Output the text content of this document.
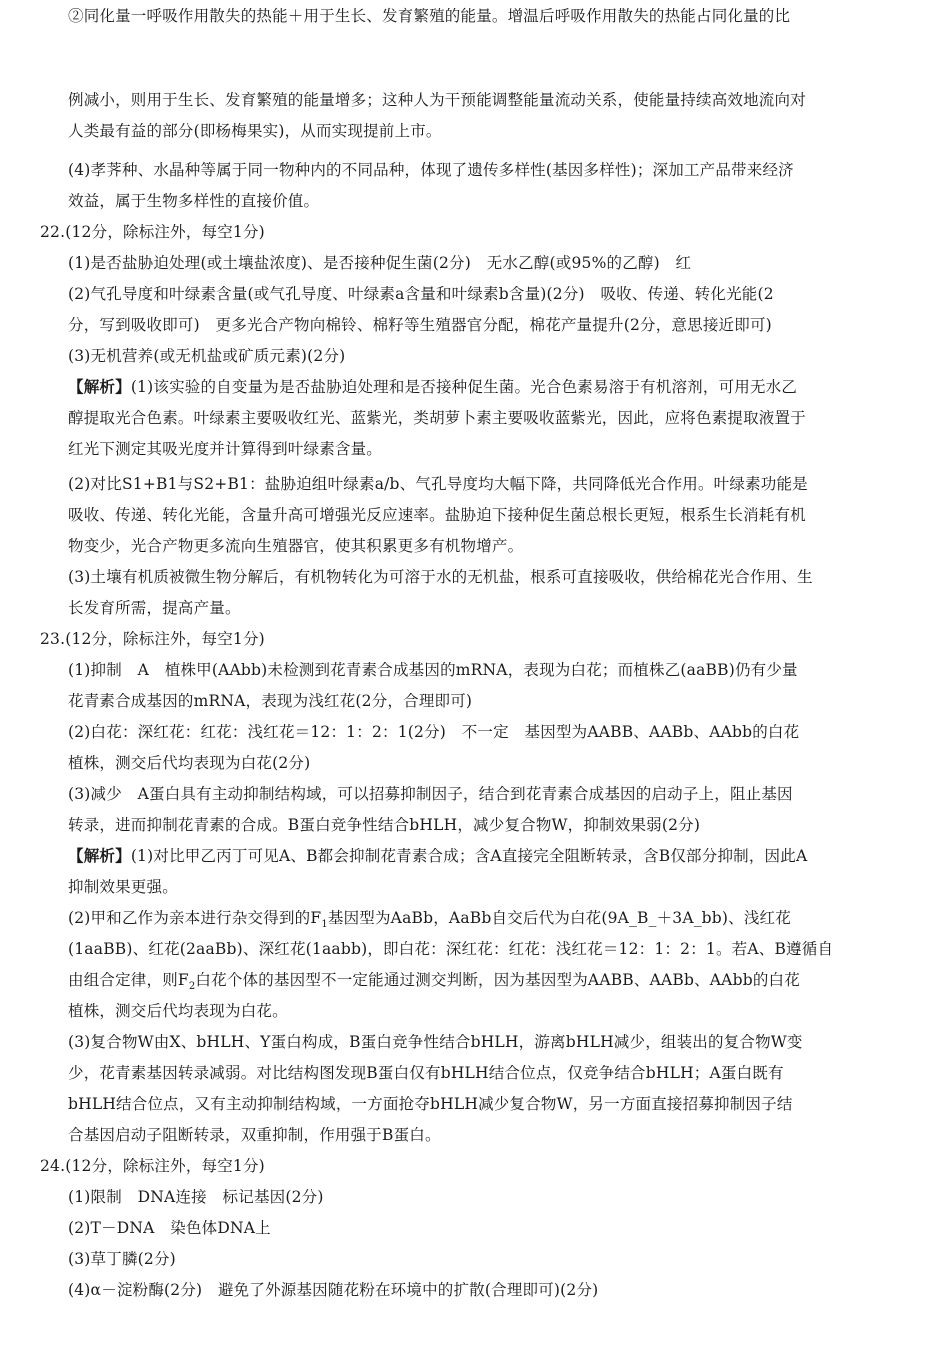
②同化量一呼吸作用散失的热能＋用于生长、发育繁殖的能量。增温后呼吸作用散失的热能占同化量的比
例减小，则用于生长、发育繁殖的能量增多；这种人为干预能调整能量流动关系，使能量持续高效地流向对
人类最有益的部分(即杨梅果实)，从而实现提前上市。
(4)孝荠种、水晶种等属于同一物种内的不同品种，体现了遗传多样性(基因多样性)；深加工产品带来经济
效益，属于生物多样性的直接价值。
22.(12分，除标注外，每空1分)
(1)是否盐胁迫处理(或土壤盐浓度)、是否接种促生菌(2分)　无水乙醇(或95%的乙醇)　红
(2)气孔导度和叶绿素含量(或气孔导度、叶绿素a含量和叶绿素b含量)(2分)　吸收、传递、转化光能(2
分，写到吸收即可)　更多光合产物向棉铃、棉籽等生殖器官分配，棉花产量提升(2分，意思接近即可)
(3)无机营养(或无机盐或矿质元素)(2分)
【解析】(1)该实验的自变量为是否盐胁迫处理和是否接种促生菌。光合色素易溶于有机溶剂，可用无水乙
醇提取光合色素。叶绿素主要吸收红光、蓝紫光，类胡萝卜素主要吸收蓝紫光，因此，应将色素提取液置于
红光下测定其吸光度并计算得到叶绿素含量。
(2)对比S1+B1与S2+B1：盐胁迫组叶绿素a/b、气孔导度均大幅下降，共同降低光合作用。叶绿素功能是
吸收、传递、转化光能，含量升高可增强光反应速率。盐胁迫下接种促生菌总根长更短，根系生长消耗有机
物变少，光合产物更多流向生殖器官，使其积累更多有机物增产。
(3)土壤有机质被微生物分解后，有机物转化为可溶于水的无机盐，根系可直接吸收，供给棉花光合作用、生
长发育所需，提高产量。
23.(12分，除标注外，每空1分)
(1)抑制　A　植株甲(AAbb)未检测到花青素合成基因的mRNA，表现为白花；而植株乙(aaBB)仍有少量
花青素合成基因的mRNA，表现为浅红花(2分，合理即可)
(2)白花：深红花：红花：浅红花＝12：1：2：1(2分)　不一定　基因型为AABB、AABb、AAbb的白花
植株，测交后代均表现为白花(2分)
(3)减少　A蛋白具有主动抑制结构域，可以招募抑制因子，结合到花青素合成基因的启动子上，阻止基因
转录，进而抑制花青素的合成。B蛋白竞争性结合bHLH，减少复合物W，抑制效果弱(2分)
【解析】(1)对比甲乙丙丁可见A、B都会抑制花青素合成；含A直接完全阻断转录，含B仅部分抑制，因此A
抑制效果更强。
(2)甲和乙作为亲本进行杂交得到的$F_1$基因型为AaBb，AaBb自交后代为白花(9A_B_＋3A_bb)、浅红花
(1aaBB)、红花(2aaBb)、深红花(1aabb)，即白花：深红花：红花：浅红花＝12：1：2：1。若A、B遵循自
由组合定律，则$F_2$白花个体的基因型不一定能通过测交判断，因为基因型为AABB、AABb、AAbb的白花
植株，测交后代均表现为白花。
(3)复合物W由X、bHLH、Y蛋白构成，B蛋白竞争性结合bHLH，游离bHLH减少，组装出的复合物W变
少，花青素基因转录减弱。对比结构图发现B蛋白仅有bHLH结合位点，仅竞争结合bHLH；A蛋白既有
bHLH结合位点，又有主动抑制结构域，一方面抢夺bHLH减少复合物W，另一方面直接招募抑制因子结
合基因启动子阻断转录，双重抑制，作用强于B蛋白。
24.(12分，除标注外，每空1分)
(1)限制　DNA连接　标记基因(2分)
(2)T－DNA　染色体DNA上
(3)草丁膦(2分)
(4)α－淀粉酶(2分)　避免了外源基因随花粉在环境中的扩散(合理即可)(2分)
